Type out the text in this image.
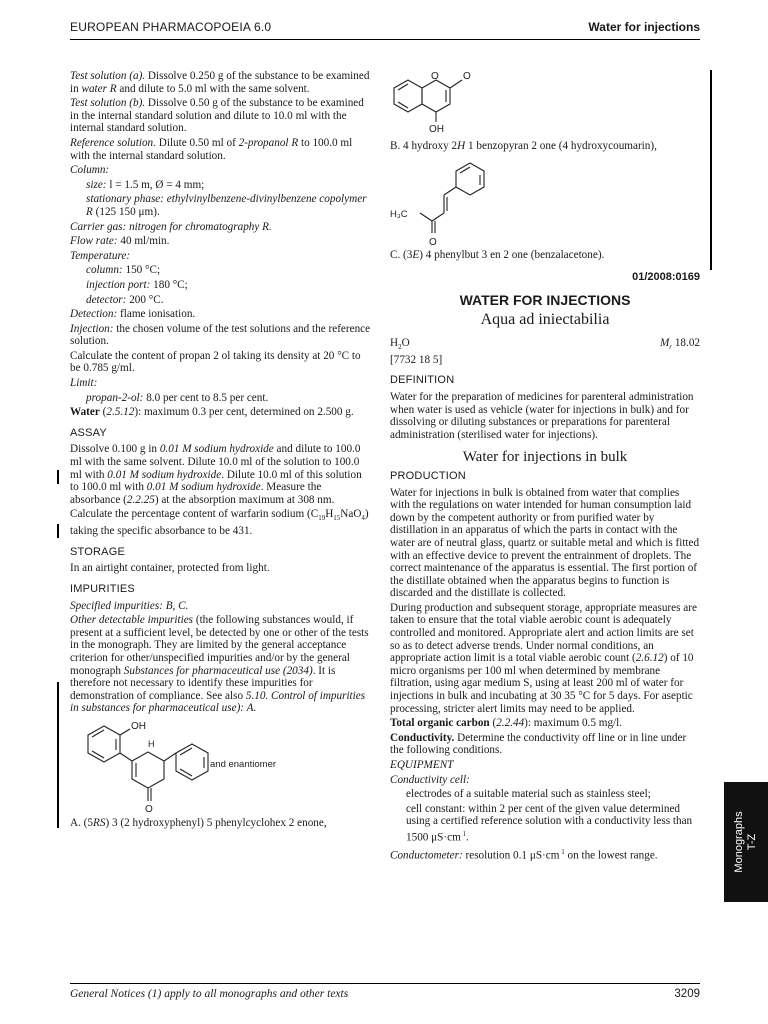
EUROPEAN PHARMACOPOEIA 6.0	Water for injections
Test solution (a). Dissolve 0.250 g of the substance to be examined in water R and dilute to 5.0 ml with the same solvent.
Test solution (b). Dissolve 0.50 g of the substance to be examined in the internal standard solution and dilute to 10.0 ml with the internal standard solution.
Reference solution. Dilute 0.50 ml of 2-propanol R to 100.0 ml with the internal standard solution.
Column:
size: l = 1.5 m, Ø = 4 mm;
stationary phase: ethylvinylbenzene-divinylbenzene copolymer R (125 150 μm).
Carrier gas: nitrogen for chromatography R.
Flow rate: 40 ml/min.
Temperature:
column: 150 °C;
injection port: 180 °C;
detector: 200 °C.
Detection: flame ionisation.
Injection: the chosen volume of the test solutions and the reference solution.
Calculate the content of propan 2 ol taking its density at 20 °C to be 0.785 g/ml.
Limit:
propan-2-ol: 8.0 per cent to 8.5 per cent.
Water (2.5.12): maximum 0.3 per cent, determined on 2.500 g.
ASSAY
Dissolve 0.100 g in 0.01 M sodium hydroxide and dilute to 100.0 ml with the same solvent. Dilute 10.0 ml of the solution to 100.0 ml with 0.01 M sodium hydroxide. Dilute 10.0 ml of this solution to 100.0 ml with 0.01 M sodium hydroxide. Measure the absorbance (2.2.25) at the absorption maximum at 308 nm.
Calculate the percentage content of warfarin sodium $(C_{19}H_{15}NaO_4)$ taking the specific absorbance to be 431.
STORAGE
In an airtight container, protected from light.
IMPURITIES
Specified impurities: B, C.
Other detectable impurities (the following substances would, if present at a sufficient level, be detected by one or other of the tests in the monograph. They are limited by the general acceptance criterion for other/unspecified impurities and/or by the general monograph Substances for pharmaceutical use (2034). It is therefore not necessary to identify these impurities for demonstration of compliance. See also 5.10. Control of impurities in substances for pharmaceutical use): A.
OH
H
O
and enantiomer
A. (5RS) 3 (2 hydroxyphenyl) 5 phenylcyclohex 2 enone,
O O
OH
B. 4 hydroxy 2H 1 benzopyran 2 one (4 hydroxycoumarin),
H₃C
O
C. (3E) 4 phenylbut 3 en 2 one (benzalacetone).
01/2008:0169
WATER FOR INJECTIONS
Aqua ad iniectabilia
$H_2O$	$M_r$ 18.02
[7732 18 5]
DEFINITION
Water for the preparation of medicines for parenteral administration when water is used as vehicle (water for injections in bulk) and for dissolving or diluting substances or preparations for parenteral administration (sterilised water for injections).
Water for injections in bulk
PRODUCTION
Water for injections in bulk is obtained from water that complies with the regulations on water intended for human consumption laid down by the competent authority or from purified water by distillation in an apparatus of which the parts in contact with the water are of neutral glass, quartz or suitable metal and which is fitted with an effective device to prevent the entrainment of droplets. The correct maintenance of the apparatus is essential. The first portion of the distillate obtained when the apparatus begins to function is discarded and the distillate is collected.
During production and subsequent storage, appropriate measures are taken to ensure that the total viable aerobic count is adequately controlled and monitored. Appropriate alert and action limits are set so as to detect adverse trends. Under normal conditions, an appropriate action limit is a total viable aerobic count (2.6.12) of 10 micro organisms per 100 ml when determined by membrane filtration, using agar medium S, using at least 200 ml of water for injections in bulk and incubating at 30 35 °C for 5 days. For aseptic processing, stricter alert limits may need to be applied.
Total organic carbon (2.2.44): maximum 0.5 mg/l.
Conductivity. Determine the conductivity off line or in line under the following conditions.
EQUIPMENT
Conductivity cell:
electrodes of a suitable material such as stainless steel;
cell constant: within 2 per cent of the given value determined using a certified reference solution with a conductivity less than 1500 μS·cm $^1$.
Conductometer: resolution 0.1 μS·cm $^1$ on the lowest range.	Monographs T-Z
General Notices (1) apply to all monographs and other texts	3209
